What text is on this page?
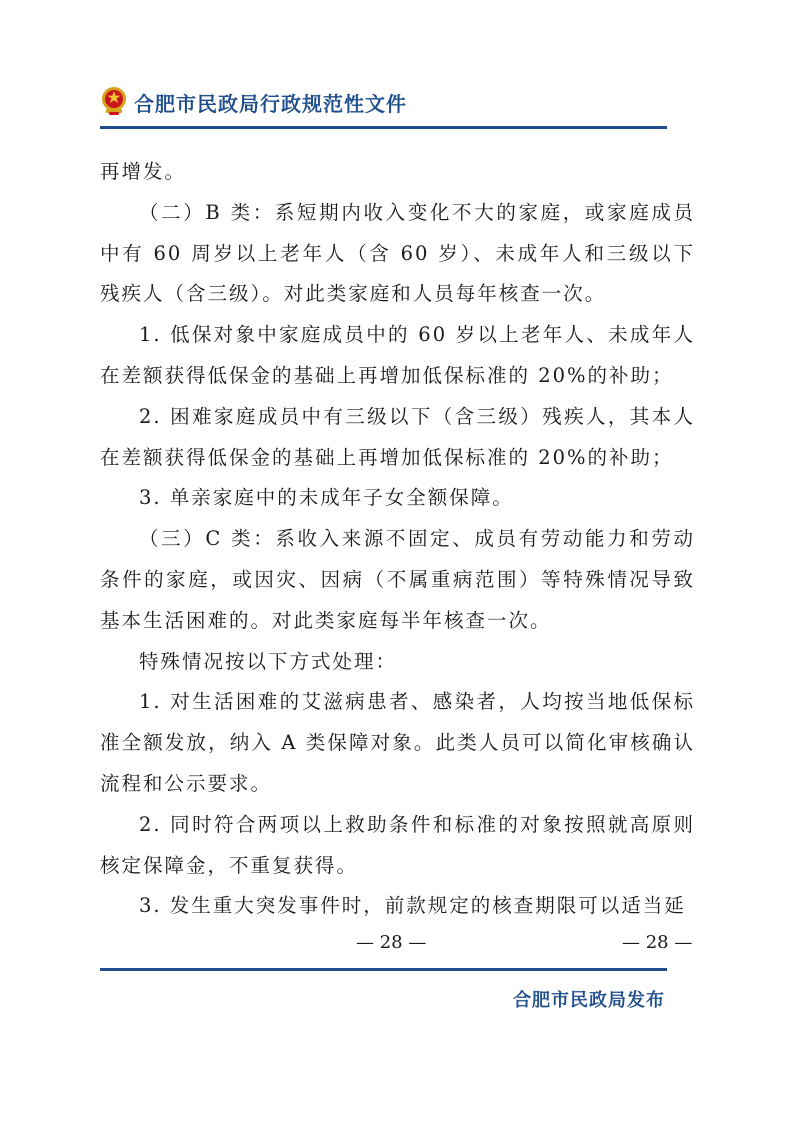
合肥市民政局行政规范性文件

再增发。

（二）B 类：系短期内收入变化不大的家庭，或家庭成员中有 60 周岁以上老年人（含 60 岁）、未成年人和三级以下残疾人（含三级）。对此类家庭和人员每年核查一次。

1. 低保对象中家庭成员中的 60 岁以上老年人、未成年人在差额获得低保金的基础上再增加低保标准的 20%的补助；

2. 困难家庭成员中有三级以下（含三级）残疾人，其本人在差额获得低保金的基础上再增加低保标准的 20%的补助；

3. 单亲家庭中的未成年子女全额保障。

（三）C 类：系收入来源不固定、成员有劳动能力和劳动条件的家庭，或因灾、因病（不属重病范围）等特殊情况导致基本生活困难的。对此类家庭每半年核查一次。

特殊情况按以下方式处理：

1. 对生活困难的艾滋病患者、感染者，人均按当地低保标准全额发放，纳入 A 类保障对象。此类人员可以简化审核确认流程和公示要求。

2. 同时符合两项以上救助条件和标准的对象按照就高原则核定保障金，不重复获得。

3. 发生重大突发事件时，前款规定的核查期限可以适当延

— 28 —	— 28 —
合肥市民政局发布
